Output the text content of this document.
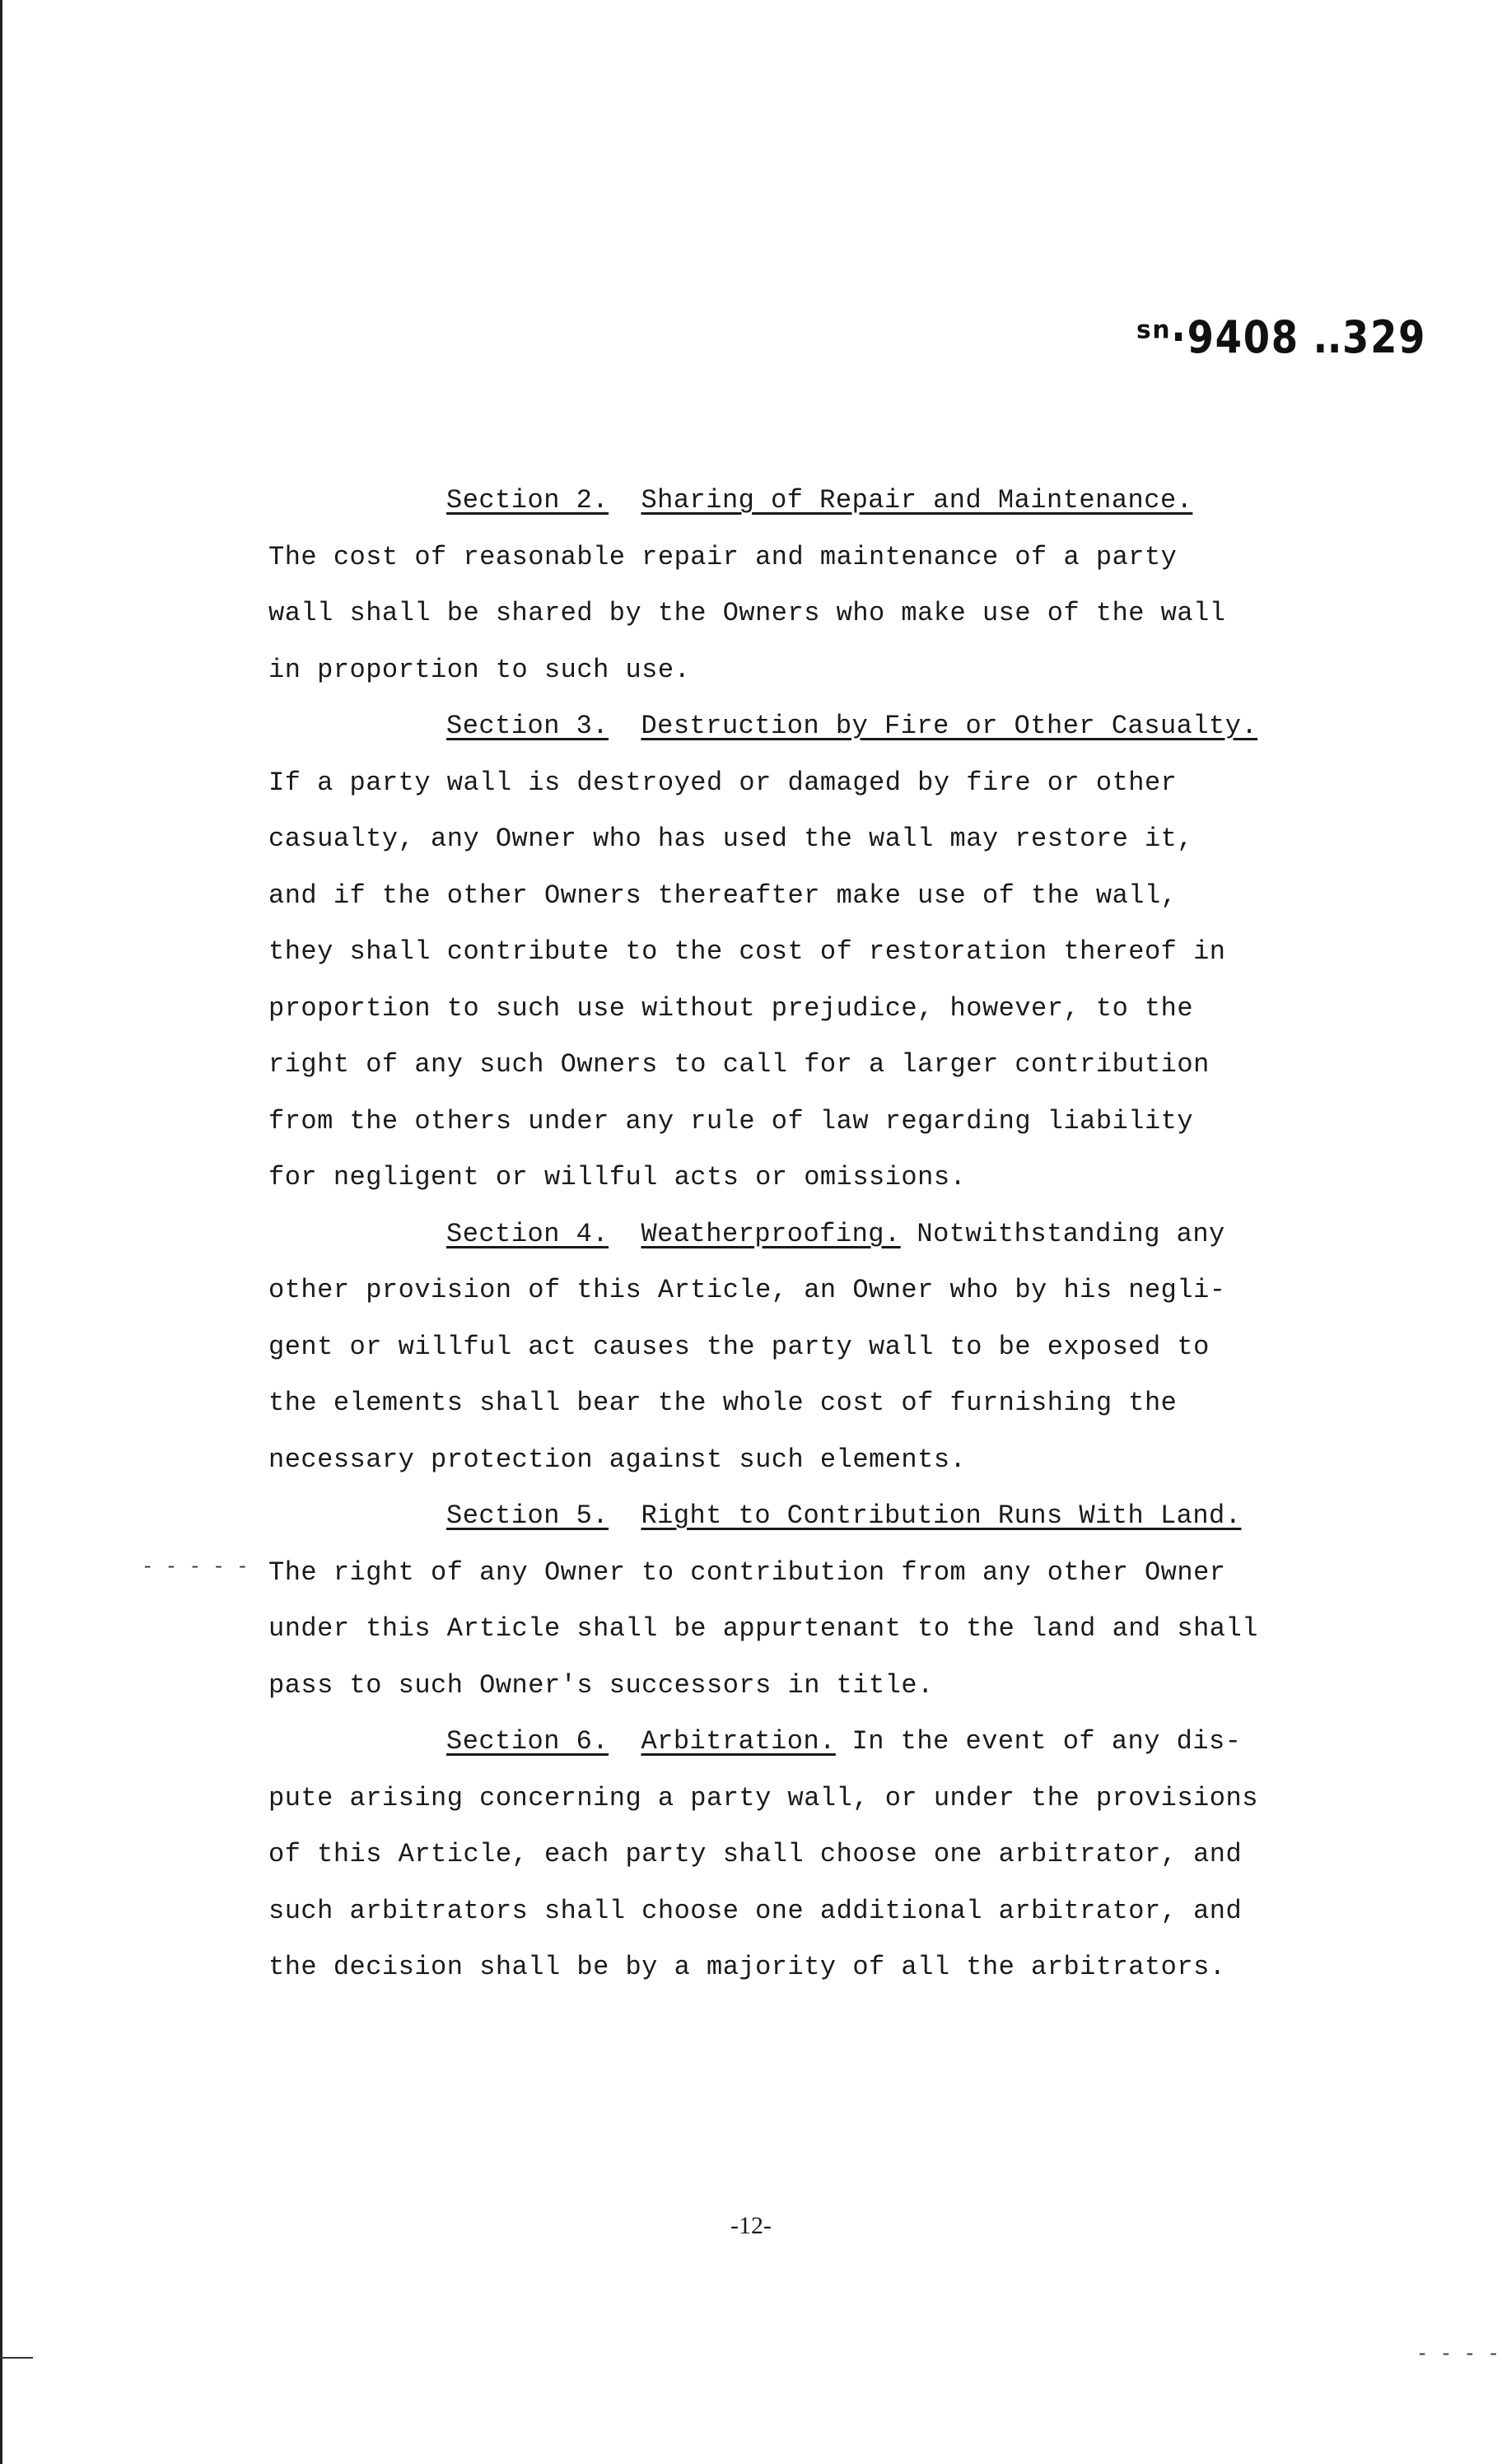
ˢⁿ·9408 ․․329
Section 2. Sharing of Repair and Maintenance.
The cost of reasonable repair and maintenance of a party
wall shall be shared by the Owners who make use of the wall
in proportion to such use.
Section 3. Destruction by Fire or Other Casualty.
If a party wall is destroyed or damaged by fire or other
casualty, any Owner who has used the wall may restore it,
and if the other Owners thereafter make use of the wall,
they shall contribute to the cost of restoration thereof in
proportion to such use without prejudice, however, to the
right of any such Owners to call for a larger contribution
from the others under any rule of law regarding liability
for negligent or willful acts or omissions.
Section 4. Weatherproofing. Notwithstanding any
other provision of this Article, an Owner who by his negli-
gent or willful act causes the party wall to be exposed to
the elements shall bear the whole cost of furnishing the
necessary protection against such elements.
Section 5. Right to Contribution Runs With Land.
The right of any Owner to contribution from any other Owner
under this Article shall be appurtenant to the land and shall
pass to such Owner's successors in title.
Section 6. Arbitration. In the event of any dis-
pute arising concerning a party wall, or under the provisions
of this Article, each party shall choose one arbitrator, and
such arbitrators shall choose one additional arbitrator, and
the decision shall be by a majority of all the arbitrators.
-12-
- - - - -
- - - -
